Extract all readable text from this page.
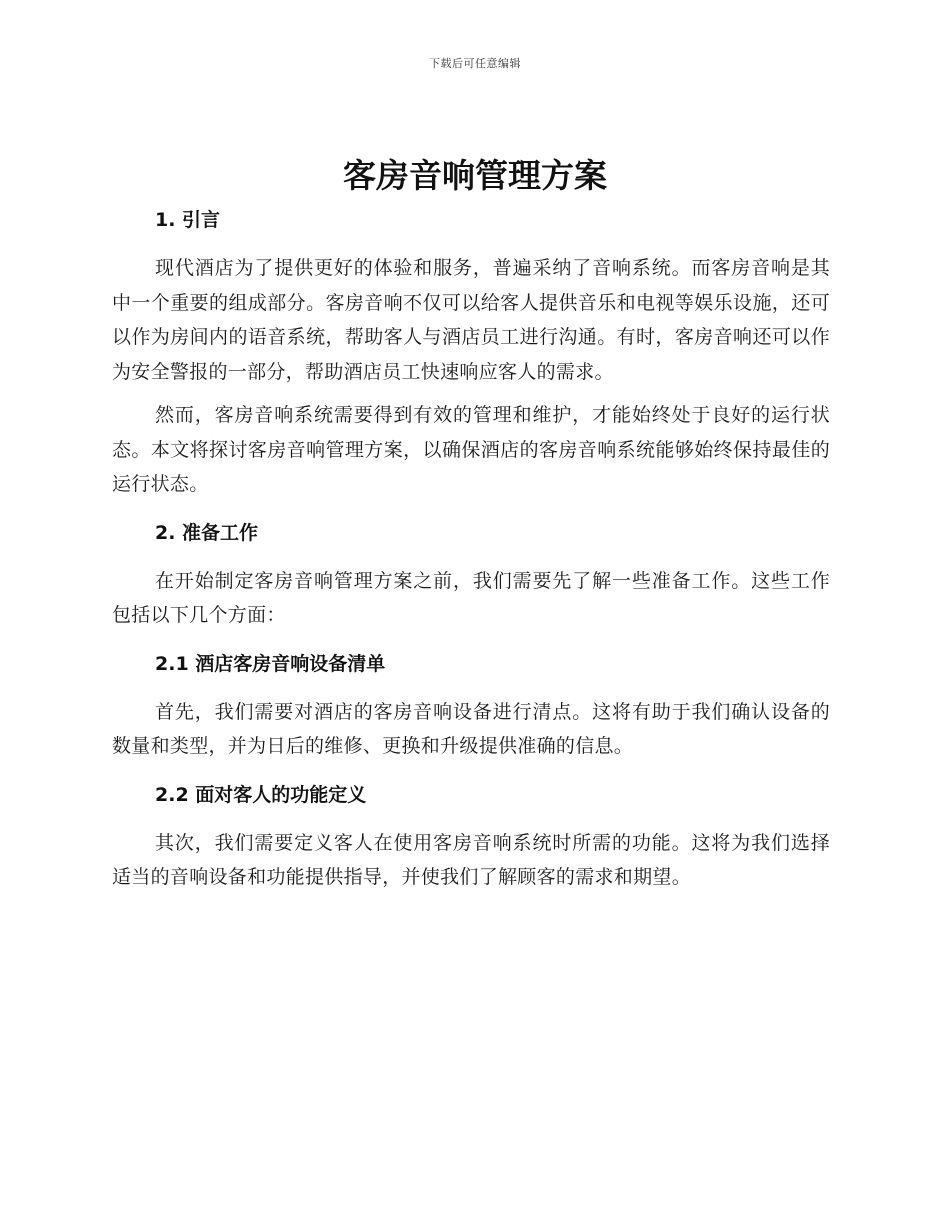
下载后可任意编辑
客房音响管理方案
1. 引言

现代酒店为了提供更好的体验和服务，普遍采纳了音响系统。而客房音响是其中一个重要的组成部分。客房音响不仅可以给客人提供音乐和电视等娱乐设施，还可以作为房间内的语音系统，帮助客人与酒店员工进行沟通。有时，客房音响还可以作为安全警报的一部分，帮助酒店员工快速响应客人的需求。

然而，客房音响系统需要得到有效的管理和维护，才能始终处于良好的运行状态。本文将探讨客房音响管理方案，以确保酒店的客房音响系统能够始终保持最佳的运行状态。

2. 准备工作

在开始制定客房音响管理方案之前，我们需要先了解一些准备工作。这些工作包括以下几个方面：

2.1 酒店客房音响设备清单

首先，我们需要对酒店的客房音响设备进行清点。这将有助于我们确认设备的数量和类型，并为日后的维修、更换和升级提供准确的信息。

2.2 面对客人的功能定义

其次，我们需要定义客人在使用客房音响系统时所需的功能。这将为我们选择适当的音响设备和功能提供指导，并使我们了解顾客的需求和期望。
